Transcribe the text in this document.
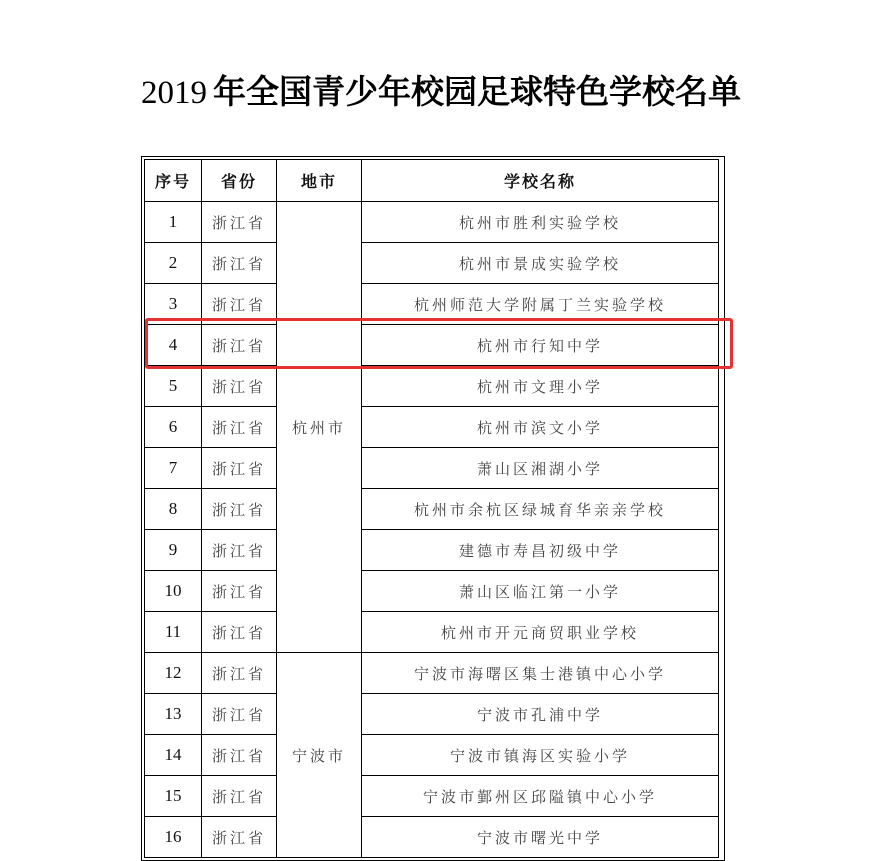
2019 年全国青少年校园足球特色学校名单
序号	省份	地市	学校名称
1	浙江省	杭州市	杭州市胜利实验学校
2	浙江省		杭州市景成实验学校
3	浙江省		杭州师范大学附属丁兰实验学校
4	浙江省		杭州市行知中学
5	浙江省		杭州市文理小学
6	浙江省		杭州市滨文小学
7	浙江省		萧山区湘湖小学
8	浙江省		杭州市余杭区绿城育华亲亲学校
9	浙江省		建德市寿昌初级中学
10	浙江省		萧山区临江第一小学
11	浙江省		杭州市开元商贸职业学校
12	浙江省	宁波市	宁波市海曙区集士港镇中心小学
13	浙江省		宁波市孔浦中学
14	浙江省		宁波市镇海区实验小学
15	浙江省		宁波市鄞州区邱隘镇中心小学
16	浙江省		宁波市曙光中学
